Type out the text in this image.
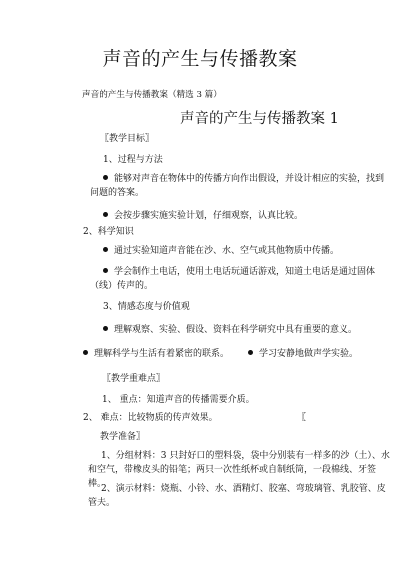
声音的产生与传播教案
声音的产生与传播教案（精选 3 篇）
声音的产生与传播教案 1
〖教学目标〗
1、过程与方法
能够对声音在物体中的传播方向作出假设，并设计相应的实验，找到问题的答案。
会按步骤实施实验计划，仔细观察，认真比较。
2、科学知识
通过实验知道声音能在沙、水、空气或其他物质中传播。
学会制作土电话，使用土电话玩通话游戏，知道土电话是通过固体（线）传声的。
3、情感态度与价值观
理解观察、实验、假设、资料在科学研究中具有重要的意义。
理解科学与生活有着紧密的联系。	学习安静地做声学实验。
〖教学重难点〗
1、 重点：知道声音的传播需要介质。
2、 难点：比较物质的传声效果。	〖
教学准备〗
1、分组材料：3 只封好口的塑料袋，袋中分别装有一样多的沙（土）、水和空气，带橡皮头的铅笔；两只一次性纸杯或自制纸筒，一段棉线、牙签棒。
2、演示材料：烧瓶、小铃、水、酒精灯、胶塞、弯玻璃管、乳胶管、皮管夫。
